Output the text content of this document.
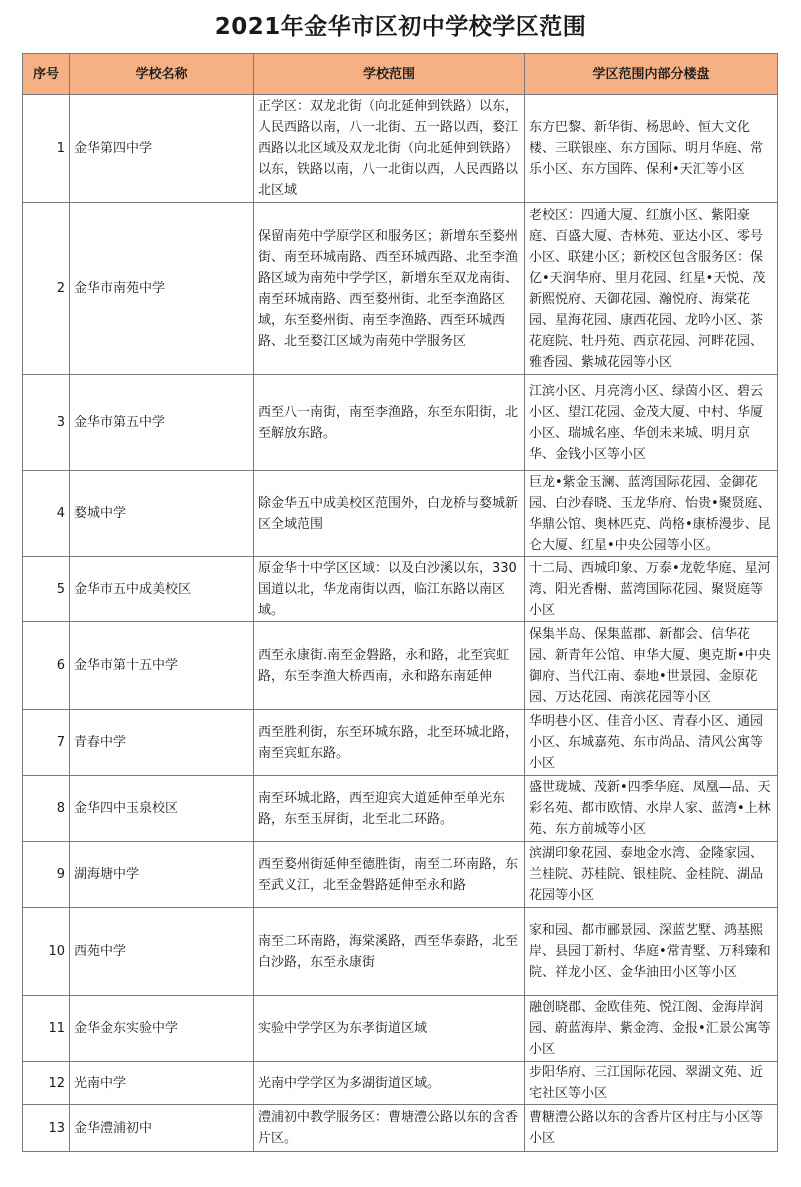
2021年金华市区初中学校学区范围
序号	学校名称	学校范围	学区范围内部分楼盘
1	金华第四中学	正学区：双龙北街（向北延伸到铁路）以东，人民西路以南，八一北街、五一路以西，婺江西路以北区域及双龙北街（向北延伸到铁路）以东，铁路以南，八一北街以西，人民西路以北区域	东方巴黎、新华街、杨思岭、恒大文化楼、三联银座、东方国际、明月华庭、常乐小区、东方国阵、保利•天汇等小区
2	金华市南苑中学	保留南苑中学原学区和服务区；新增东至婺州街、南至环城南路、西至环城西路、北至李渔路区域为南苑中学学区，新增东至双龙南街、南至环城南路、西至婺州街、北至李渔路区域，东至婺州街、南至李渔路、西至环城西路、北至婺江区域为南苑中学服务区	老校区：四通大厦、红旗小区、紫阳豪庭、百盛大厦、杏林苑、亚达小区、零号小区、联建小区；新校区包含服务区：保亿•天润华府、里月花园、红星•天悦、茂新熙悦府、天御花园、瀚悦府、海棠花园、星海花园、康西花园、龙吟小区、茶花庭院、牡丹苑、西京花园、河畔花园、雅香园、紫城花园等小区
3	金华市第五中学	西至八一南街，南至李渔路，东至东阳街，北至解放东路。	江滨小区、月亮湾小区、绿茵小区、碧云小区、望江花园、金茂大厦、中村、华厦小区、瑞城名座、华创未来城、明月京华、金钱小区等小区
4	婺城中学	除金华五中成美校区范围外，白龙桥与婺城新区全域范围	巨龙•紫金玉澜、蓝湾国际花园、金御花园、白沙春晓、玉龙华府、怡贵•聚贤庭、华鼎公馆、奥林匹克、尚格•康桥漫步、昆仑大厦、红星•中央公园等小区。
5	金华市五中成美校区	原金华十中学区区域：以及白沙溪以东，330国道以北，华龙南街以西，临江东路以南区域。	十二局、西城印象、万泰•龙乾华庭、星河湾、阳光香榭、蓝湾国际花园、聚贤庭等小区
6	金华市第十五中学	西至永康街.南至金磐路，永和路，北至宾虹路，东至李渔大桥西南，永和路东南延伸	保集半岛、保集蓝郡、新都会、信华花园、新青年公馆、申华大厦、奥克斯•中央御府、当代江南、泰地•世景园、金原花园、万达花园、南滨花园等小区
7	青春中学	西至胜利街，东至环城东路，北至环城北路，南至宾虹东路。	华明巷小区、佳音小区、青春小区、通园小区、东城嘉苑、东市尚品、清风公寓等小区
8	金华四中玉泉校区	南至环城北路，西至迎宾大道延伸至单光东路，东至玉屏街，北至北二环路。	盛世珑城、茂新•四季华庭、凤凰—品、天彩名苑、都市欧情、水岸人家、蓝湾•上林苑、东方前城等小区
9	湖海塘中学	西至婺州街延伸至德胜街，南至二环南路，东至武义江，北至金磐路延伸至永和路	滨湖印象花园、泰地金水湾、金隆家园、兰桂院、苏桂院、银桂院、金桂院、湖品花园等小区
10	西苑中学	南至二环南路，海棠溪路，西至华泰路，北至白沙路，东至永康街	家和园、都市郦景园、深蓝艺墅、鸿基熙岸、县园丁新村、华庭•常青墅、万科臻和院、祥龙小区、金华油田小区等小区
11	金华金东实验中学	实验中学学区为东孝街道区域	融创晓郡、金欧佳苑、悦江阁、金海岸润园、蔚蓝海岸、紫金湾、金报•汇景公寓等小区
12	光南中学	光南中学学区为多湖街道区域。	步阳华府、三江国际花园、翠湖文苑、近宅社区等小区
13	金华澧浦初中	澧浦初中教学服务区：曹塘澧公路以东的含香片区。	曹糖澧公路以东的含香片区村庄与小区等小区
